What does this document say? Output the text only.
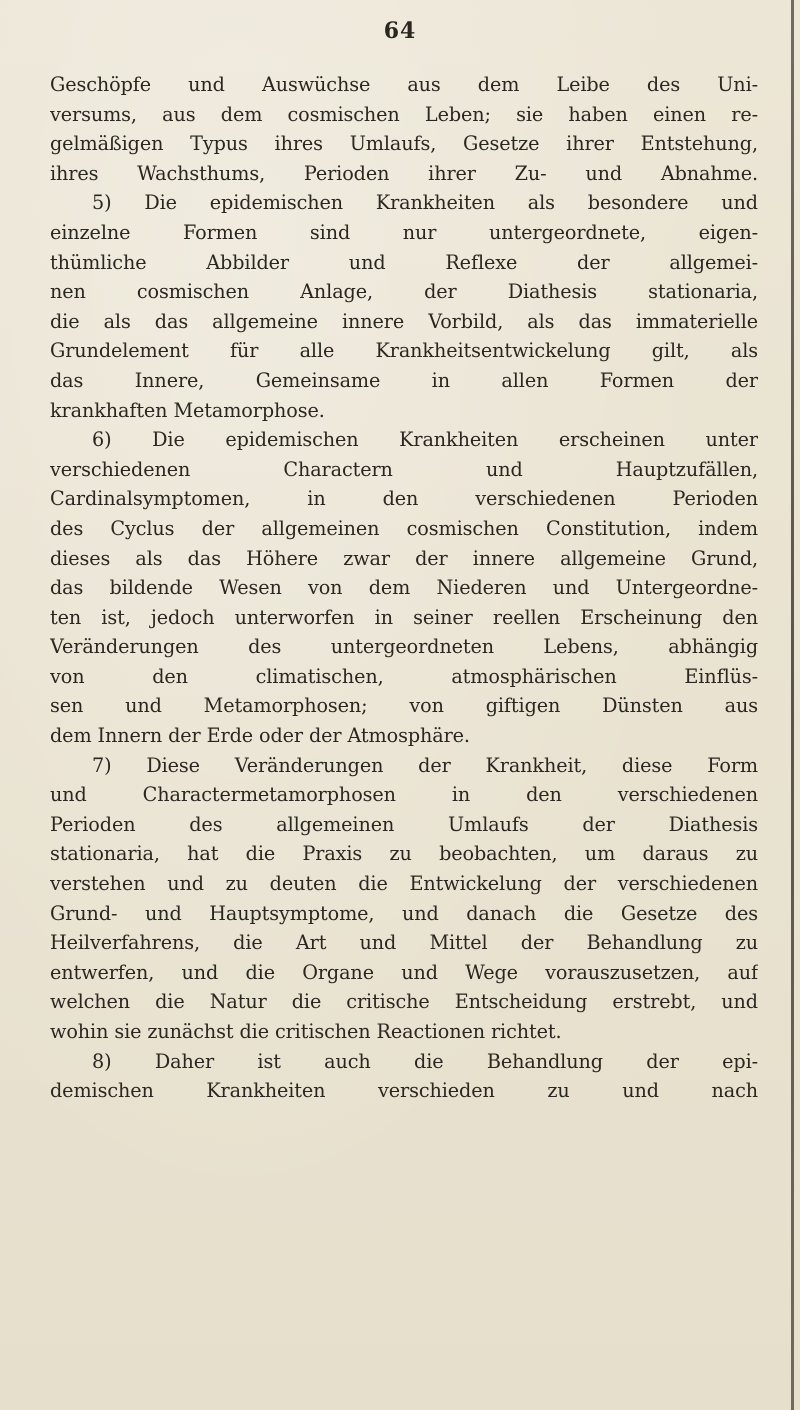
64
Geschöpfe und Auswüchse aus dem Leibe des Uni-
versums, aus dem cosmischen Leben; sie haben einen re-
gelmäßigen Typus ihres Umlaufs, Gesetze ihrer Entstehung,
ihres Wachsthums, Perioden ihrer Zu- und Abnahme.
5) Die epidemischen Krankheiten als besondere und
einzelne Formen sind nur untergeordnete, eigen-
thümliche Abbilder und Reflexe der allgemei-
nen cosmischen Anlage, der Diathesis stationaria,
die als das allgemeine innere Vorbild, als das immaterielle
Grundelement für alle Krankheitsentwickelung gilt, als
das Innere, Gemeinsame in allen Formen der
krankhaften Metamorphose.
6) Die epidemischen Krankheiten erscheinen unter
verschiedenen Charactern und Hauptzufällen,
Cardinalsymptomen, in den verschiedenen Perioden
des Cyclus der allgemeinen cosmischen Constitution, indem
dieses als das Höhere zwar der innere allgemeine Grund,
das bildende Wesen von dem Niederen und Untergeordne-
ten ist, jedoch unterworfen in seiner reellen Erscheinung den
Veränderungen des untergeordneten Lebens, abhängig
von den climatischen, atmosphärischen Einflüs-
sen und Metamorphosen; von giftigen Dünsten aus
dem Innern der Erde oder der Atmosphäre.
7) Diese Veränderungen der Krankheit, diese Form
und Charactermetamorphosen in den verschiedenen
Perioden des allgemeinen Umlaufs der Diathesis
stationaria, hat die Praxis zu beobachten, um daraus zu
verstehen und zu deuten die Entwickelung der verschiedenen
Grund- und Hauptsymptome, und danach die Gesetze des
Heilverfahrens, die Art und Mittel der Behandlung zu
entwerfen, und die Organe und Wege vorauszusetzen, auf
welchen die Natur die critische Entscheidung erstrebt, und
wohin sie zunächst die critischen Reactionen richtet.
8) Daher ist auch die Behandlung der epi-
demischen Krankheiten verschieden zu und nach
